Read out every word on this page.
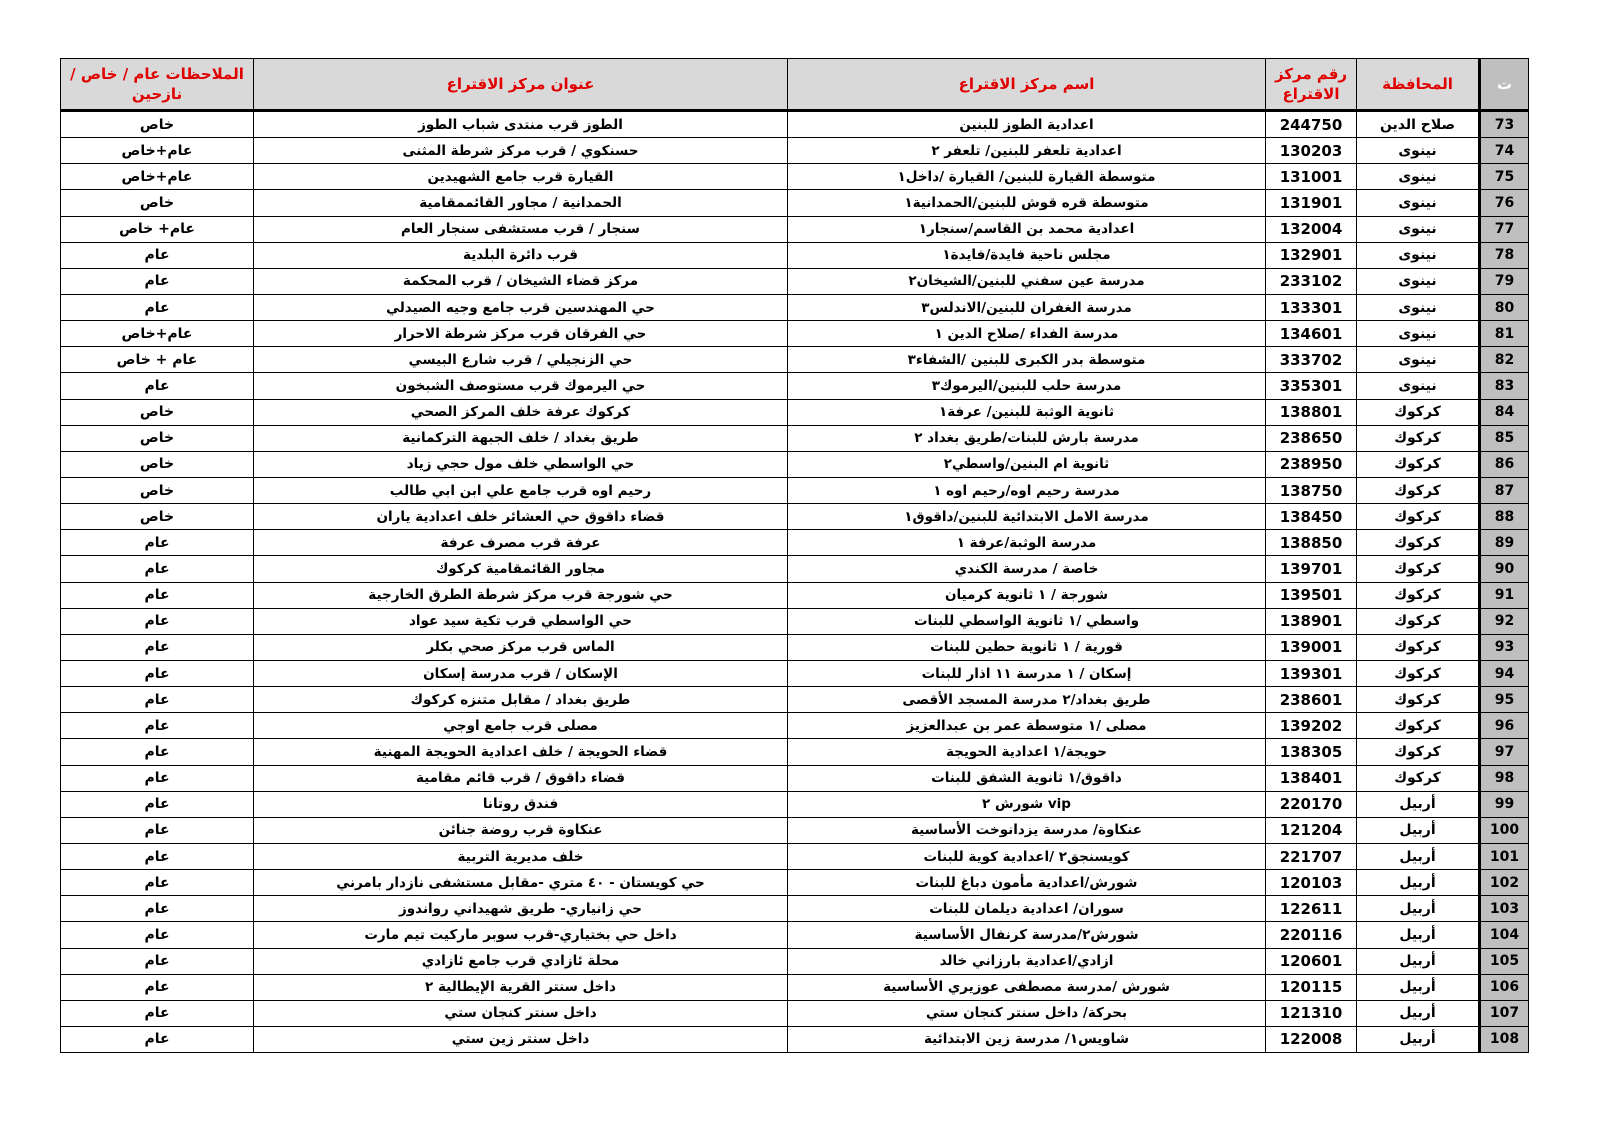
ت	المحافظة	رقم مركز الاقتراع	اسم مركز الاقتراع	عنوان مركز الاقتراع	الملاحظات عام / خاص / نازحين
73	صلاح الدين	244750	اعدادية الطوز للبنين	الطوز قرب منتدى شباب الطوز	خاص
74	نينوى	130203	اعدادية تلعفر للبنين/ تلعفر ٢	حسنكوي / قرب مركز شرطة المثنى	عام+خاص
75	نينوى	131001	متوسطة القيارة للبنين/ القيارة /داخل١	القيارة قرب جامع الشهيدين	عام+خاص
76	نينوى	131901	متوسطة قره قوش للبنين/الحمدانية١	الحمدانية / مجاور القائممقامية	خاص
77	نينوى	132004	اعدادية محمد بن القاسم/سنجار١	سنجار / قرب مستشفى سنجار العام	عام+ خاص
78	نينوى	132901	مجلس ناحية فايدة/فايدة١	قرب دائرة البلدية	عام
79	نينوى	233102	مدرسة عين سفني للبنين/الشيخان٢	مركز قضاء الشيخان / قرب المحكمة	عام
80	نينوى	133301	مدرسة الغفران للبنين/الاندلس٣	حي المهندسين قرب جامع وجيه الصيدلي	عام
81	نينوى	134601	مدرسة الفداء /صلاح الدين ١	حي الفرقان قرب مركز شرطة الاحرار	عام+خاص
82	نينوى	333702	متوسطة بدر الكبرى للبنين /الشفاء٣	حي الزنجيلي / قرب شارع البيسي	عام + خاص
83	نينوى	335301	مدرسة حلب للبنين/اليرموك٣	حي اليرموك قرب مستوصف الشبخون	عام
84	كركوك	138801	ثانوية الوثبة للبنين/ عرفة١	كركوك عرفة خلف المركز الصحي	خاص
85	كركوك	238650	مدرسة بارش للبنات/طريق بغداد ٢	طريق بغداد / خلف الجبهة التركمانية	خاص
86	كركوك	238950	ثانوية ام البنين/واسطي٢	حي الواسطي خلف مول حجي زياد	خاص
87	كركوك	138750	مدرسة رحيم اوه/رحيم اوه ١	رحيم اوه قرب جامع علي ابن ابي طالب	خاص
88	كركوك	138450	مدرسة الامل الابتدائية للبنين/داقوق١	قضاء داقوق حي العشائر خلف اعدادية ياران	خاص
89	كركوك	138850	مدرسة الوثبة/عرفة ١	عرفة قرب مصرف عرفة	عام
90	كركوك	139701	خاصة / مدرسة الكندي	مجاور القائمقامية كركوك	عام
91	كركوك	139501	شورجة / ١ ثانوية كرميان	حي شورجة قرب مركز شرطة الطرق الخارجية	عام
92	كركوك	138901	واسطي /١ ثانوية الواسطي للبنات	حي الواسطي قرب تكية سيد عواد	عام
93	كركوك	139001	قورية / ١ ثانوية حطين للبنات	الماس قرب مركز صحي بكلر	عام
94	كركوك	139301	إسكان / ١ مدرسة ١١ اذار للبنات	الإسكان / قرب مدرسة إسكان	عام
95	كركوك	238601	طريق بغداد/٢ مدرسة المسجد الأقصى	طريق بغداد / مقابل متنزه كركوك	عام
96	كركوك	139202	مصلى /١ متوسطة عمر بن عبدالعزيز	مصلى قرب جامع اوجي	عام
97	كركوك	138305	حويجة/١ اعدادية الحويجة	قضاء الحويجة / خلف اعدادية الحويجة المهنية	عام
98	كركوك	138401	داقوق/١ ثانوية الشفق للبنات	قضاء داقوق / قرب قائم مقامية	عام
99	أربيل	220170	vip شورش ٢	فندق روتانا	عام
100	أربيل	121204	عنكاوة/ مدرسة يزدانوخت الأساسية	عنكاوة قرب روضة جنائن	عام
101	أربيل	221707	كويسنجق٢ /اعدادية كوية للبنات	خلف مديرية التربية	عام
102	أربيل	120103	شورش/اعدادية مأمون دباغ للبنات	حي كويستان - ٤٠ متري -مقابل مستشفى نازدار بامرني	عام
103	أربيل	122611	سوران/ اعدادية ديلمان للبنات	حي زانياري- طريق شهيداني رواندوز	عام
104	أربيل	220116	شورش٢/مدرسة كرنفال الأساسية	داخل حي بختياري-قرب سوبر ماركيت تيم مارت	عام
105	أربيل	120601	ازادي/اعدادية بارزاني خالد	محلة ئازادي قرب جامع ئازادي	عام
106	أربيل	120115	شورش /مدرسة مصطفى عوزيري الأساسية	داخل سنتر القرية الإيطالية ٢	عام
107	أربيل	121310	بحركة/ داخل سنتر كنجان ستي	داخل سنتر كنجان ستي	عام
108	أربيل	122008	شاويس١/ مدرسة زين الابتدائية	داخل سنتر زين ستي	عام
